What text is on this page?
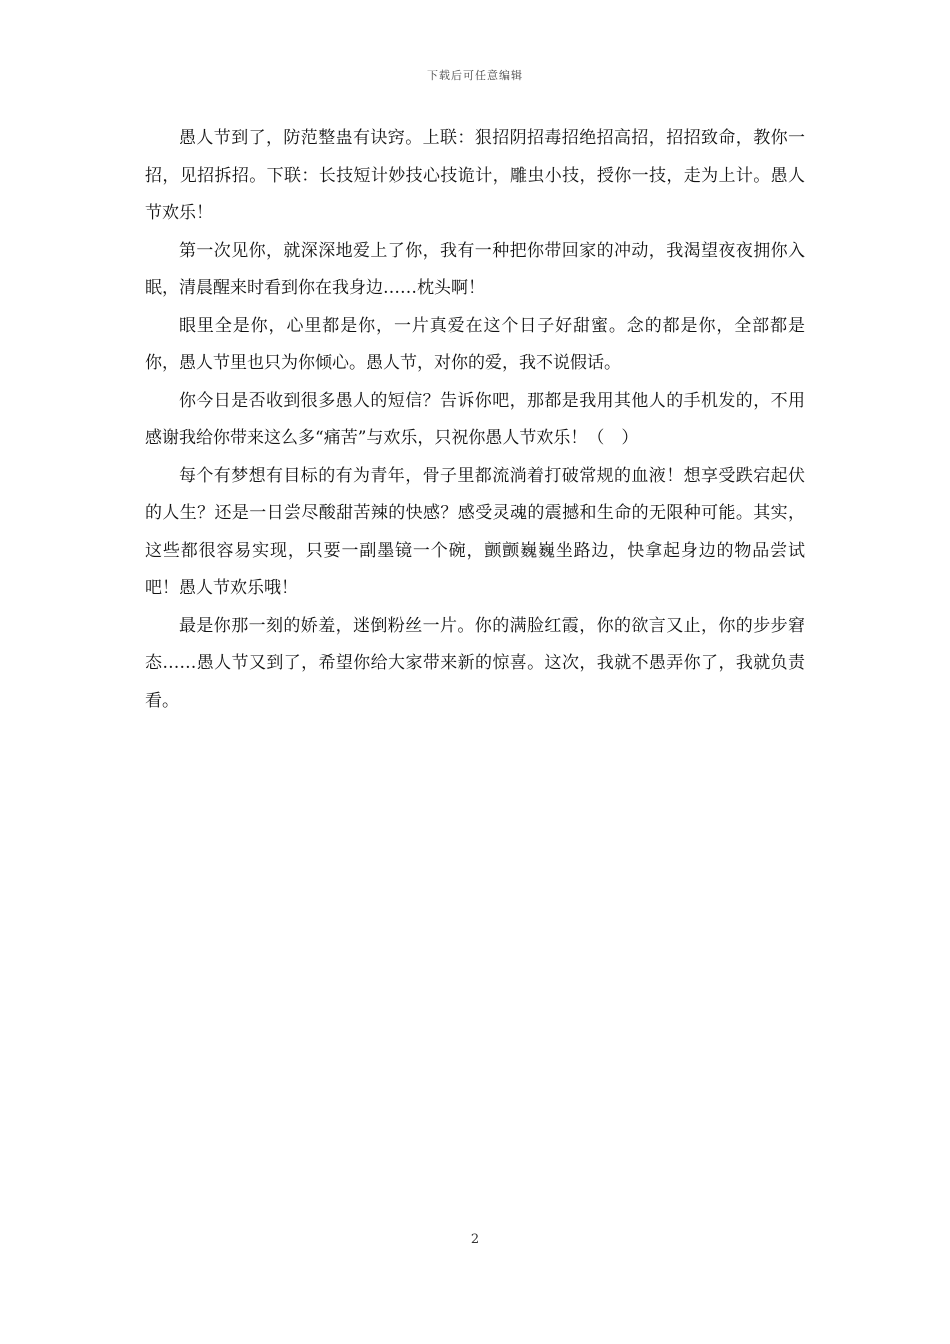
下载后可任意编辑

愚人节到了，防范整蛊有诀窍。上联：狠招阴招毒招绝招高招，招招致命，教你一招，见招拆招。下联：长技短计妙技心技诡计，雕虫小技，授你一技，走为上计。愚人节欢乐！

第一次见你，就深深地爱上了你，我有一种把你带回家的冲动，我渴望夜夜拥你入眠，清晨醒来时看到你在我身边……枕头啊！

眼里全是你，心里都是你，一片真爱在这个日子好甜蜜。念的都是你，全部都是你，愚人节里也只为你倾心。愚人节，对你的爱，我不说假话。

你今日是否收到很多愚人的短信？告诉你吧，那都是我用其他人的手机发的，不用感谢我给你带来这么多“痛苦”与欢乐，只祝你愚人节欢乐！（　）

每个有梦想有目标的有为青年，骨子里都流淌着打破常规的血液！想享受跌宕起伏的人生？还是一日尝尽酸甜苦辣的快感？感受灵魂的震撼和生命的无限种可能。其实，这些都很容易实现，只要一副墨镜一个碗，颤颤巍巍坐路边，快拿起身边的物品尝试吧！愚人节欢乐哦！

最是你那一刻的娇羞，迷倒粉丝一片。你的满脸红霞，你的欲言又止，你的步步窘态……愚人节又到了，希望你给大家带来新的惊喜。这次，我就不愚弄你了，我就负责看。

2
